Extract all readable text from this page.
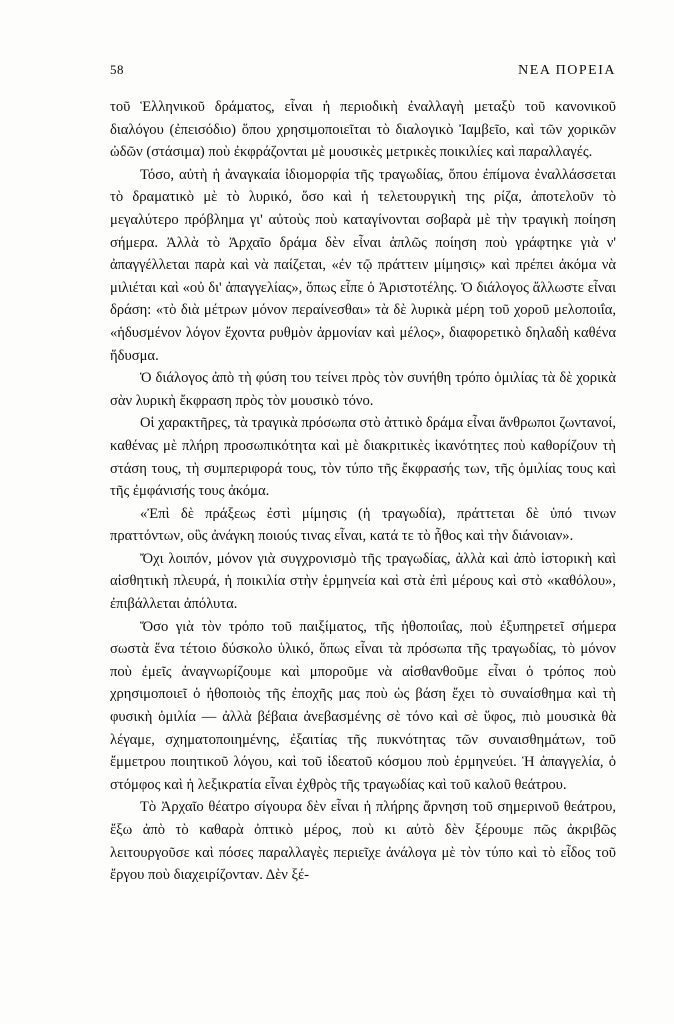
58	ΝΕΑ ΠΟΡΕΙΑ

τοῦ Ἑλληνικοῦ δράματος, εἶναι ἡ περιοδικὴ ἐναλλαγὴ μεταξὺ τοῦ κανονικοῦ διαλόγου (ἐπεισόδιο) ὅπου χρησιμοποιεῖται τὸ διαλογικὸ Ἰαμβεῖο, καὶ τῶν χορικῶν ὠδῶν (στάσιμα) ποὺ ἐκφράζονται μὲ μουσικὲς μετρικὲς ποικιλίες καὶ παραλλαγές.

Τόσο, αὐτὴ ἡ ἀναγκαία ἰδιομορφία τῆς τραγωδίας, ὅπου ἐπίμονα ἐναλλάσσεται τὸ δραματικὸ μὲ τὸ λυρικό, ὅσο καὶ ἡ τελετουργικὴ της ρίζα, ἀποτελοῦν τὸ μεγαλύτερο πρόβλημα γι' αὐτοὺς ποὺ καταγίνονται σοβαρὰ μὲ τὴν τραγικὴ ποίηση σήμερα. Ἀλλὰ τὸ Ἀρχαῖο δράμα δὲν εἶναι ἁπλῶς ποίηση ποὺ γράφτηκε γιὰ ν' ἀπαγγέλλεται παρὰ καὶ νὰ παίζεται, «ἐν τῷ πράττειν μίμησις» καὶ πρέπει ἀκόμα νὰ μιλιέται καὶ «οὐ δι' ἀπαγγελίας», ὅπως εἶπε ὁ Ἀριστοτέλης. Ὁ διάλογος ἄλλωστε εἶναι δράση: «τὸ διὰ μέτρων μόνον περαίνεσθαι» τὰ δὲ λυρικὰ μέρη τοῦ χοροῦ μελοποιΐα, «ἡδυσμένον λόγον ἔχοντα ρυθμὸν ἁρμονίαν καὶ μέλος», διαφορετικὸ δηλαδὴ καθένα ἥδυσμα.

Ὁ διάλογος ἀπὸ τὴ φύση του τείνει πρὸς τὸν συνήθη τρόπο ὁμιλίας τὰ δὲ χορικὰ σὰν λυρικὴ ἔκφραση πρὸς τὸν μουσικὸ τόνο.

Οἱ χαρακτῆρες, τὰ τραγικὰ πρόσωπα στὸ ἀττικὸ δράμα εἶναι ἄνθρωποι ζωντανοί, καθένας μὲ πλήρη προσωπικότητα καὶ μὲ διακριτικὲς ἱκανότητες ποὺ καθορίζουν τὴ στάση τους, τὴ συμπεριφορά τους, τὸν τύπο τῆς ἔκφρασής των, τῆς ὁμιλίας τους καὶ τῆς ἐμφάνισής τους ἀκόμα.

«Ἐπὶ δὲ πράξεως ἐστὶ μίμησις (ἡ τραγωδία), πράττεται δὲ ὑπό τινων πραττόντων, οὓς ἀνάγκη ποιούς τινας εἶναι, κατά τε τὸ ἦθος καὶ τὴν διάνοιαν».

Ὄχι λοιπόν, μόνον γιὰ συγχρονισμὸ τῆς τραγωδίας, ἀλλὰ καὶ ἀπὸ ἱστορικὴ καὶ αἰσθητικὴ πλευρά, ἡ ποικιλία στὴν ἑρμηνεία καὶ στὰ ἐπὶ μέρους καὶ στὸ «καθόλου», ἐπιβάλλεται ἀπόλυτα.

Ὅσο γιὰ τὸν τρόπο τοῦ παιξίματος, τῆς ἠθοποιΐας, ποὺ ἐξυπηρετεῖ σήμερα σωστὰ ἕνα τέτοιο δύσκολο ὑλικό, ὅπως εἶναι τὰ πρόσωπα τῆς τραγωδίας, τὸ μόνον ποὺ ἐμεῖς ἀναγνωρίζουμε καὶ μποροῦμε νὰ αἰσθανθοῦμε εἶναι ὁ τρόπος ποὺ χρησιμοποιεῖ ὁ ἠθοποιὸς τῆς ἐποχῆς μας ποὺ ὡς βάση ἔχει τὸ συναίσθημα καὶ τὴ φυσικὴ ὁμιλία — ἀλλὰ βέβαια ἀνεβασμένης σὲ τόνο καὶ σὲ ὕφος, πιὸ μουσικὰ θὰ λέγαμε, σχηματοποιημένης, ἐξαιτίας τῆς πυκνότητας τῶν συναισθημάτων, τοῦ ἔμμετρου ποιητικοῦ λόγου, καὶ τοῦ ἰδεατοῦ κόσμου ποὺ ἑρμηνεύει. Ἡ ἀπαγγελία, ὁ στόμφος καὶ ἡ λεξικρατία εἶναι ἐχθρὸς τῆς τραγωδίας καὶ τοῦ καλοῦ θεάτρου.

Τὸ Ἀρχαῖο θέατρο σίγουρα δὲν εἶναι ἡ πλήρης ἄρνηση τοῦ σημερινοῦ θεάτρου, ἔξω ἀπὸ τὸ καθαρὰ ὀπτικὸ μέρος, ποὺ κι αὐτὸ δὲν ξέρουμε πῶς ἀκριβῶς λειτουργοῦσε καὶ πόσες παραλλαγὲς περιεῖχε ἀνάλογα μὲ τὸν τύπο καὶ τὸ εἶδος τοῦ ἔργου ποὺ διαχειρίζονταν. Δὲν ξέ-
